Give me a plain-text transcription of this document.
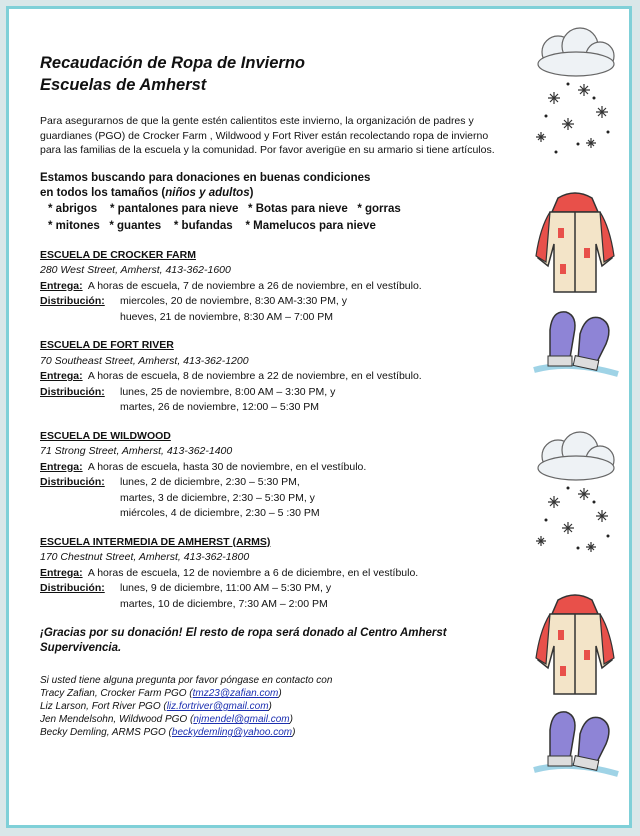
Recaudación de Ropa de Invierno
Escuelas de Amherst

Para asegurarnos de que la gente estén calientitos este invierno, la organización de padres y guardianes (PGO) de Crocker Farm , Wildwood y Fort River están recolectando ropa de invierno para las familias de la escuela y la comunidad. Por favor averigüe en su armario si tiene artículos.

Estamos buscando para donaciones en buenas condiciones
en todos los tamaños (niños y adultos)
* abrigos    * pantalones para nieve   * Botas para nieve   * gorras
* mitones   * guantes    * bufandas    * Mamelucos para nieve
ESCUELA DE CROCKER FARM
280 West Street, Amherst, 413-362-1600
Entrega:  A horas de escuela, 7 de noviembre a 26 de noviembre, en el vestíbulo.
Distribución:	miercoles, 20 de noviembre, 8:30 AM-3:30 PM, y
hueves, 21 de noviembre, 8:30 AM – 7:00 PM
ESCUELA DE FORT RIVER
70 Southeast Street, Amherst, 413-362-1200
Entrega:  A horas de escuela, 8 de noviembre a 22 de noviembre, en el vestíbulo.
Distribución:	lunes, 25 de noviembre, 8:00 AM – 3:30 PM, y
martes, 26 de noviembre, 12:00 – 5:30 PM
ESCUELA DE WILDWOOD
71 Strong Street, Amherst, 413-362-1400
Entrega:  A horas de escuela, hasta 30 de noviembre, en el vestíbulo.
Distribución:	lunes, 2 de diciembre, 2:30 – 5:30 PM,
martes, 3 de diciembre, 2:30 – 5:30 PM, y
miércoles, 4 de diciembre, 2:30 – 5 :30 PM
ESCUELA INTERMEDIA DE AMHERST (ARMS)
170 Chestnut Street, Amherst, 413-362-1800
Entrega:  A horas de escuela, 12 de noviembre a 6 de diciembre, en el vestíbulo.
Distribución:	lunes, 9 de diciembre, 11:00 AM – 5:30 PM, y
martes, 10 de diciembre, 7:30 AM – 2:00 PM

¡Gracias por su donación! El resto de ropa será donado al Centro Amherst Supervivencia.

Si usted tiene alguna pregunta por favor póngase en contacto con
Tracy Zafian, Crocker Farm PGO (tmz23@zafian.com)
Liz Larson, Fort River PGO (liz.fortriver@gmail.com)
Jen Mendelsohn, Wildwood PGO (njmendel@gmail.com)
Becky Demling, ARMS PGO (beckydemling@yahoo.com)
